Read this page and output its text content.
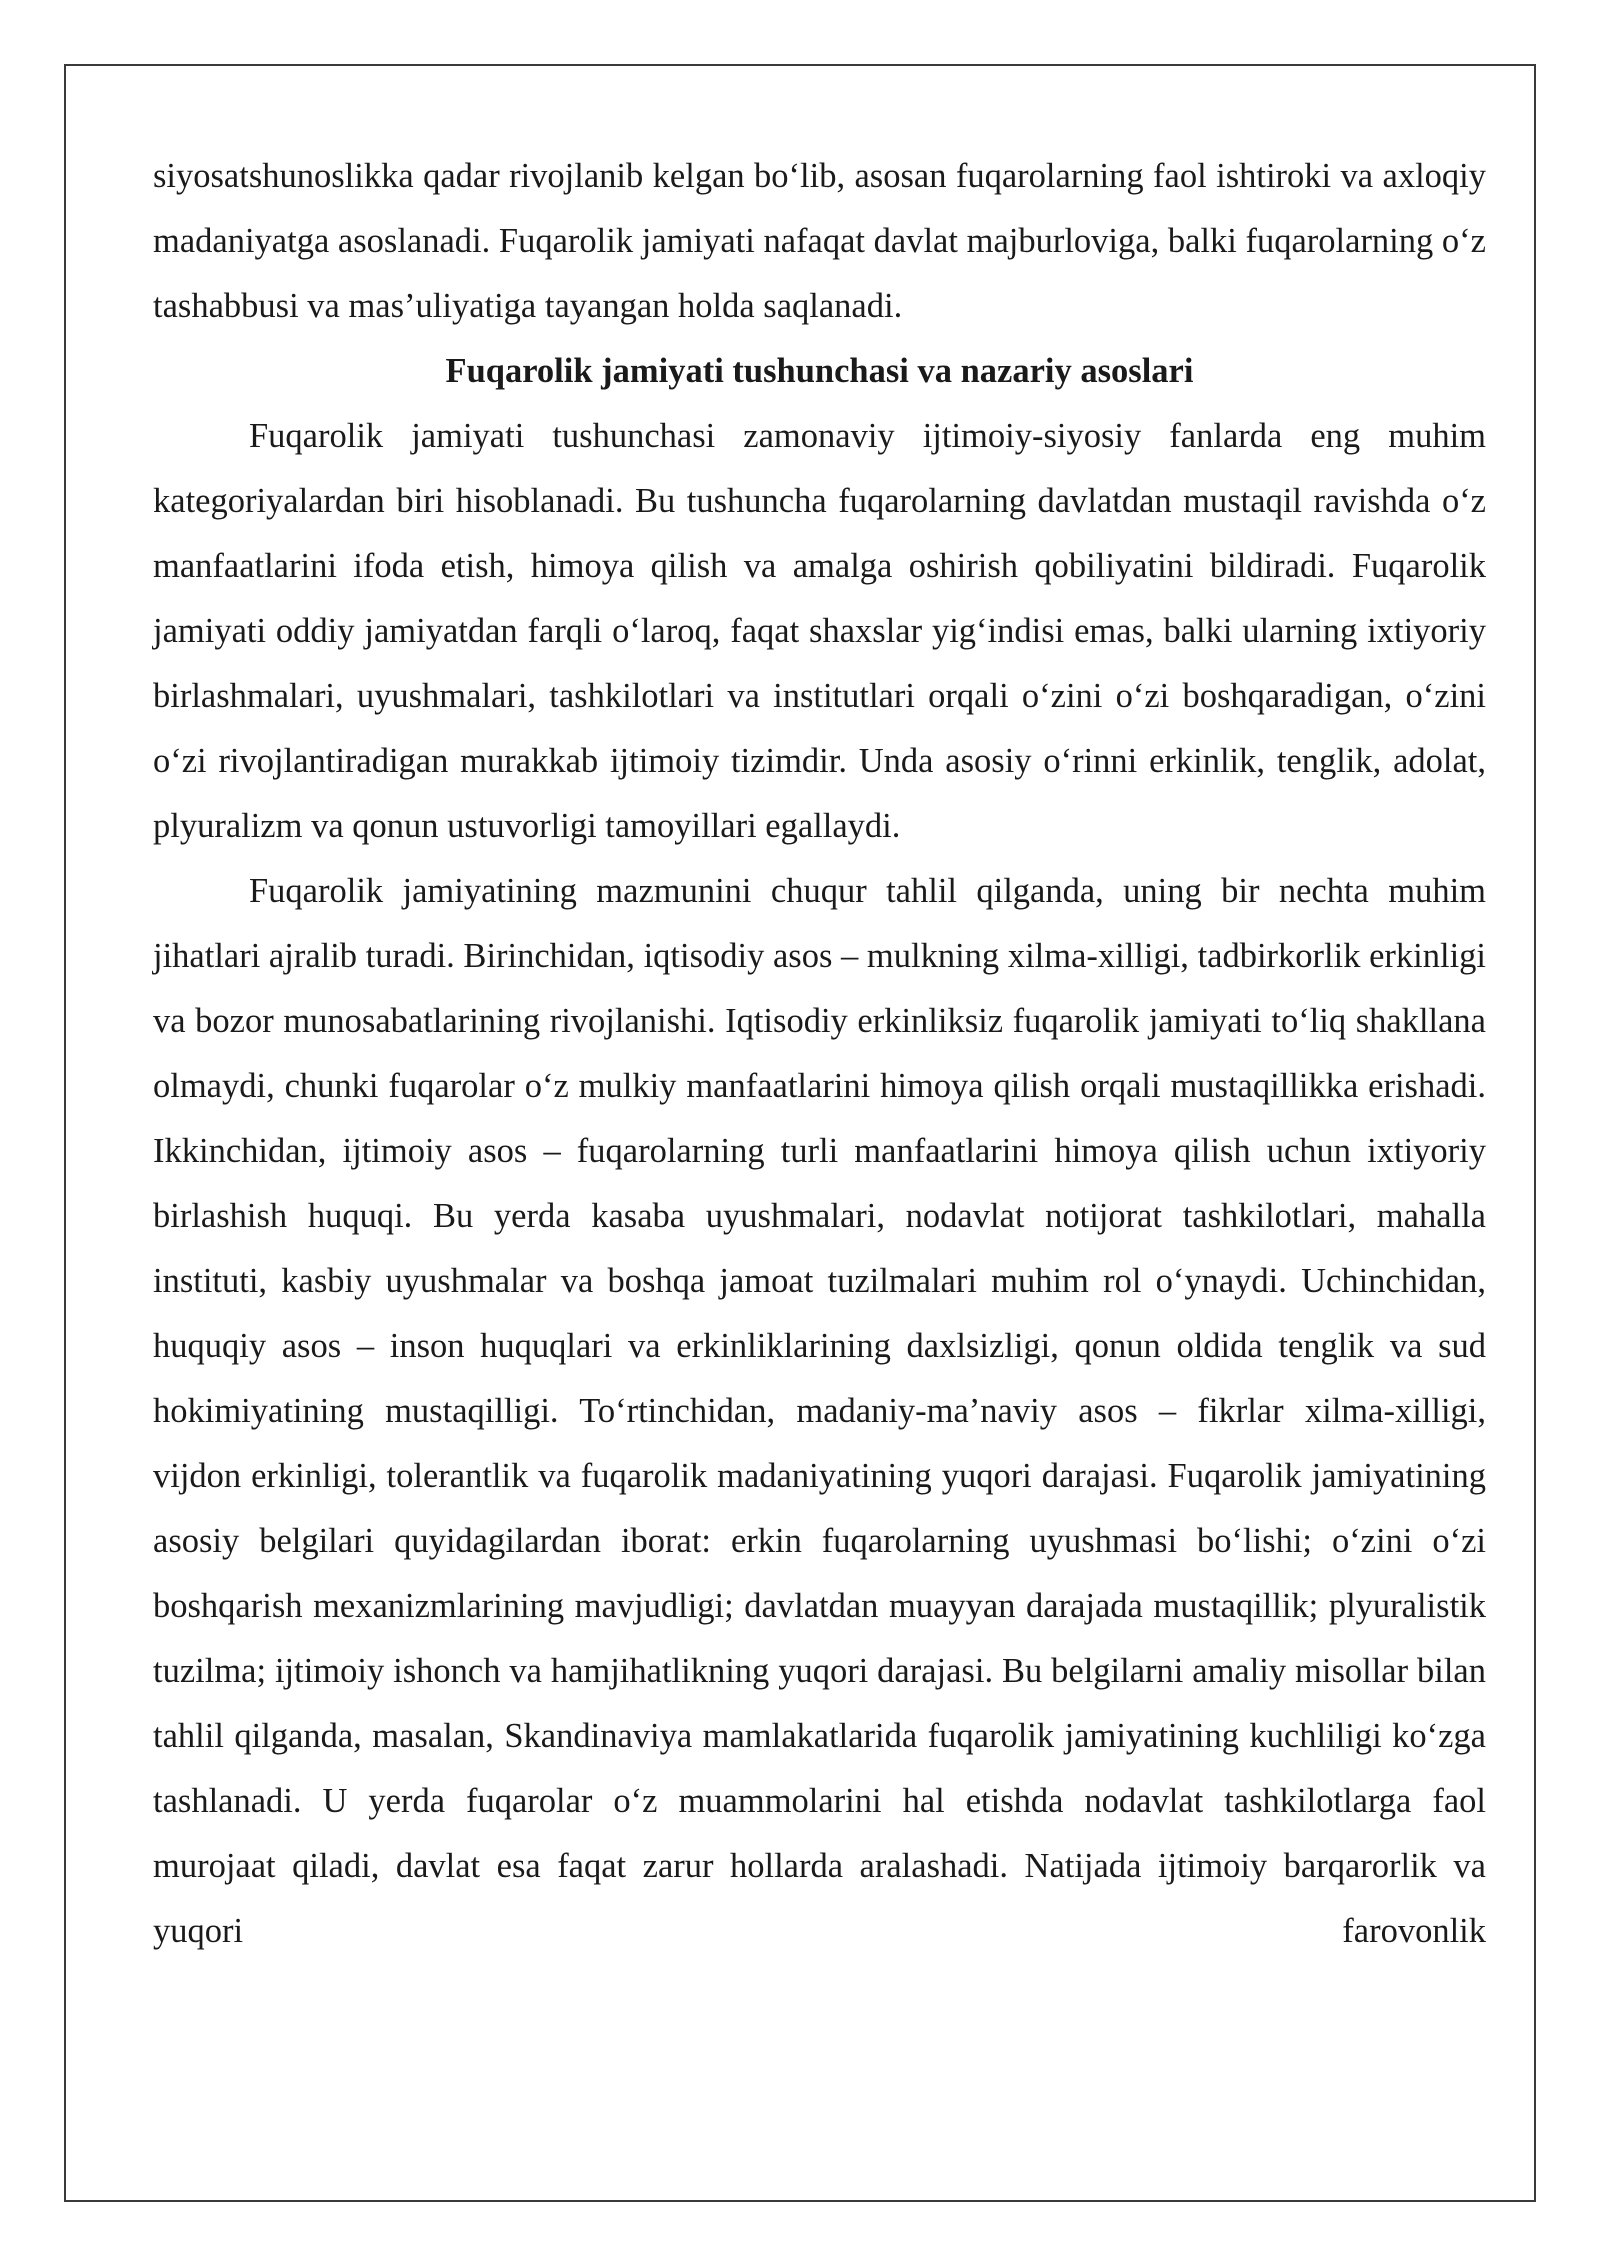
siyosatshunoslikka qadar rivojlanib kelgan bo‘lib, asosan fuqarolarning faol ishtiroki va axloqiy madaniyatga asoslanadi. Fuqarolik jamiyati nafaqat davlat majburloviga, balki fuqarolarning o‘z tashabbusi va mas’uliyatiga tayangan holda saqlanadi.

Fuqarolik jamiyati tushunchasi va nazariy asoslari

Fuqarolik jamiyati tushunchasi zamonaviy ijtimoiy-siyosiy fanlarda eng muhim kategoriyalardan biri hisoblanadi. Bu tushuncha fuqarolarning davlatdan mustaqil ravishda o‘z manfaatlarini ifoda etish, himoya qilish va amalga oshirish qobiliyatini bildiradi. Fuqarolik jamiyati oddiy jamiyatdan farqli o‘laroq, faqat shaxslar yig‘indisi emas, balki ularning ixtiyoriy birlashmalari, uyushmalari, tashkilotlari va institutlari orqali o‘zini o‘zi boshqaradigan, o‘zini o‘zi rivojlantiradigan murakkab ijtimoiy tizimdir. Unda asosiy o‘rinni erkinlik, tenglik, adolat, plyuralizm va qonun ustuvorligi tamoyillari egallaydi.

Fuqarolik jamiyatining mazmunini chuqur tahlil qilganda, uning bir nechta muhim jihatlari ajralib turadi. Birinchidan, iqtisodiy asos – mulkning xilma-xilligi, tadbirkorlik erkinligi va bozor munosabatlarining rivojlanishi. Iqtisodiy erkinliksiz fuqarolik jamiyati to‘liq shakllana olmaydi, chunki fuqarolar o‘z mulkiy manfaatlarini himoya qilish orqali mustaqillikka erishadi. Ikkinchidan, ijtimoiy asos – fuqarolarning turli manfaatlarini himoya qilish uchun ixtiyoriy birlashish huquqi. Bu yerda kasaba uyushmalari, nodavlat notijorat tashkilotlari, mahalla instituti, kasbiy uyushmalar va boshqa jamoat tuzilmalari muhim rol o‘ynaydi. Uchinchidan, huquqiy asos – inson huquqlari va erkinliklarining daxlsizligi, qonun oldida tenglik va sud hokimiyatining mustaqilligi. To‘rtinchidan, madaniy-ma’naviy asos – fikrlar xilma-xilligi, vijdon erkinligi, tolerantlik va fuqarolik madaniyatining yuqori darajasi. Fuqarolik jamiyatining asosiy belgilari quyidagilardan iborat: erkin fuqarolarning uyushmasi bo‘lishi; o‘zini o‘zi boshqarish mexanizmlarining mavjudligi; davlatdan muayyan darajada mustaqillik; plyuralistik tuzilma; ijtimoiy ishonch va hamjihatlikning yuqori darajasi. Bu belgilarni amaliy misollar bilan tahlil qilganda, masalan, Skandinaviya mamlakatlarida fuqarolik jamiyatining kuchliligi ko‘zga tashlanadi. U yerda fuqarolar o‘z muammolarini hal etishda nodavlat tashkilotlarga faol murojaat qiladi, davlat esa faqat zarur hollarda aralashadi. Natijada ijtimoiy barqarorlik va yuqori farovonlik
